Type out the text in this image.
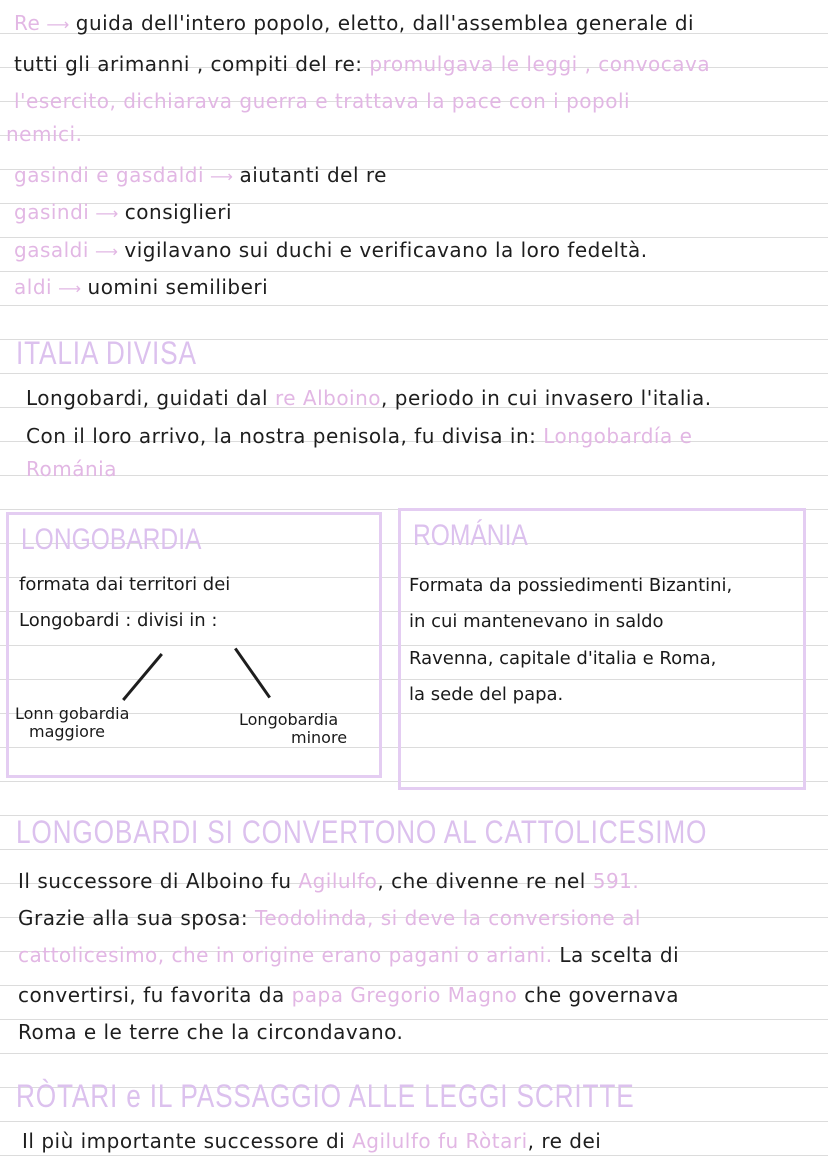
Re ⟶ guida dell'intero popolo, eletto, dall'assemblea generale di
tutti gli arimanni , compiti del re: promulgava le leggi , convocava
l'esercito, dichiarava guerra e trattava la pace con i popoli
nemici.
gasindi e gasdaldi ⟶ aiutanti del re
gasindi ⟶ consiglieri
gasaldi ⟶ vigilavano sui duchi e verificavano la loro fedeltà.
aldi ⟶ uomini semiliberi
ITALIA DIVISA
Longobardi, guidati dal re Alboino, periodo in cui invasero l'italia.
Con il loro arrivo, la nostra penisola, fu divisa in: Longobardía e
Románia
LONGOBARDIA
formata dai territori dei
Longobardi : divisi in :
Lonn gobardia
maggiore
Longobardia
minore
ROMÁNIA
Formata da possiedimenti Bizantini,
in cui mantenevano in saldo
Ravenna, capitale d'italia e Roma,
la sede del papa.
LONGOBARDI SI CONVERTONO AL CATTOLICESIMO
Il successore di Alboino fu Agilulfo, che divenne re nel 591.
Grazie alla sua sposa: Teodolinda, si deve la conversione al
cattolicesimo, che in origine erano pagani o ariani. La scelta di
convertirsi, fu favorita da papa Gregorio Magno che governava
Roma e le terre che la circondavano.
RÒTARI e IL PASSAGGIO ALLE LEGGI SCRITTE
Il più importante successore di Agilulfo fu Ròtari, re dei
